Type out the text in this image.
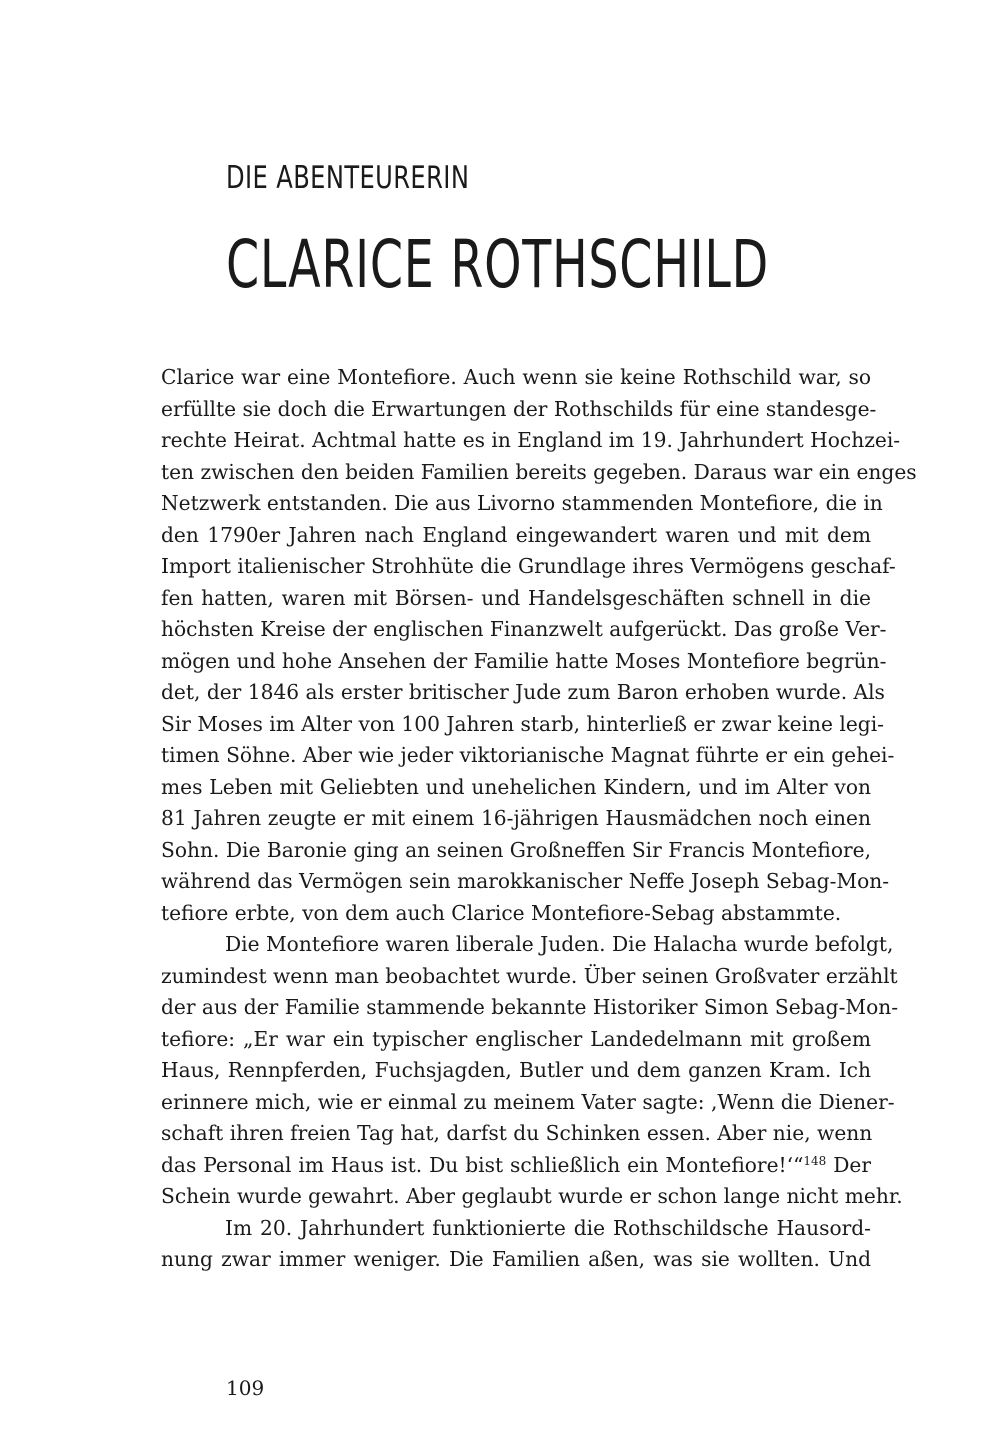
DIE ABENTEURERIN
CLARICE ROTHSCHILD
Clarice war eine Montefiore. Auch wenn sie keine Rothschild war, so
erfüllte sie doch die Erwartungen der Rothschilds für eine standesge-
rechte Heirat. Achtmal hatte es in England im 19. Jahrhundert Hochzei-
ten zwischen den beiden Familien bereits gegeben. Daraus war ein enges
Netzwerk entstanden. Die aus Livorno stammenden Montefiore, die in
den 1790er Jahren nach England eingewandert waren und mit dem
Import italienischer Strohhüte die Grundlage ihres Vermögens geschaf-
fen hatten, waren mit Börsen- und Handelsgeschäften schnell in die
höchsten Kreise der englischen Finanzwelt aufgerückt. Das große Ver-
mögen und hohe Ansehen der Familie hatte Moses Montefiore begrün-
det, der 1846 als erster britischer Jude zum Baron erhoben wurde. Als
Sir Moses im Alter von 100 Jahren starb, hinterließ er zwar keine legi-
timen Söhne. Aber wie jeder viktorianische Magnat führte er ein gehei-
mes Leben mit Geliebten und unehelichen Kindern, und im Alter von
81 Jahren zeugte er mit einem 16-jährigen Hausmädchen noch einen
Sohn. Die Baronie ging an seinen Großneffen Sir Francis Montefiore,
während das Vermögen sein marokkanischer Neffe Joseph Sebag-Mon-
tefiore erbte, von dem auch Clarice Montefiore-Sebag abstammte.
Die Montefiore waren liberale Juden. Die Halacha wurde befolgt,
zumindest wenn man beobachtet wurde. Über seinen Großvater erzählt
der aus der Familie stammende bekannte Historiker Simon Sebag-Mon-
tefiore: „Er war ein typischer englischer Landedelmann mit großem
Haus, Rennpferden, Fuchsjagden, Butler und dem ganzen Kram. Ich
erinnere mich, wie er einmal zu meinem Vater sagte: ‚Wenn die Diener-
schaft ihren freien Tag hat, darfst du Schinken essen. Aber nie, wenn
das Personal im Haus ist. Du bist schließlich ein Montefiore!‘“$^{148}$ Der
Schein wurde gewahrt. Aber geglaubt wurde er schon lange nicht mehr.
Im 20. Jahrhundert funktionierte die Rothschildsche Hausord-
nung zwar immer weniger. Die Familien aßen, was sie wollten. Und
109
